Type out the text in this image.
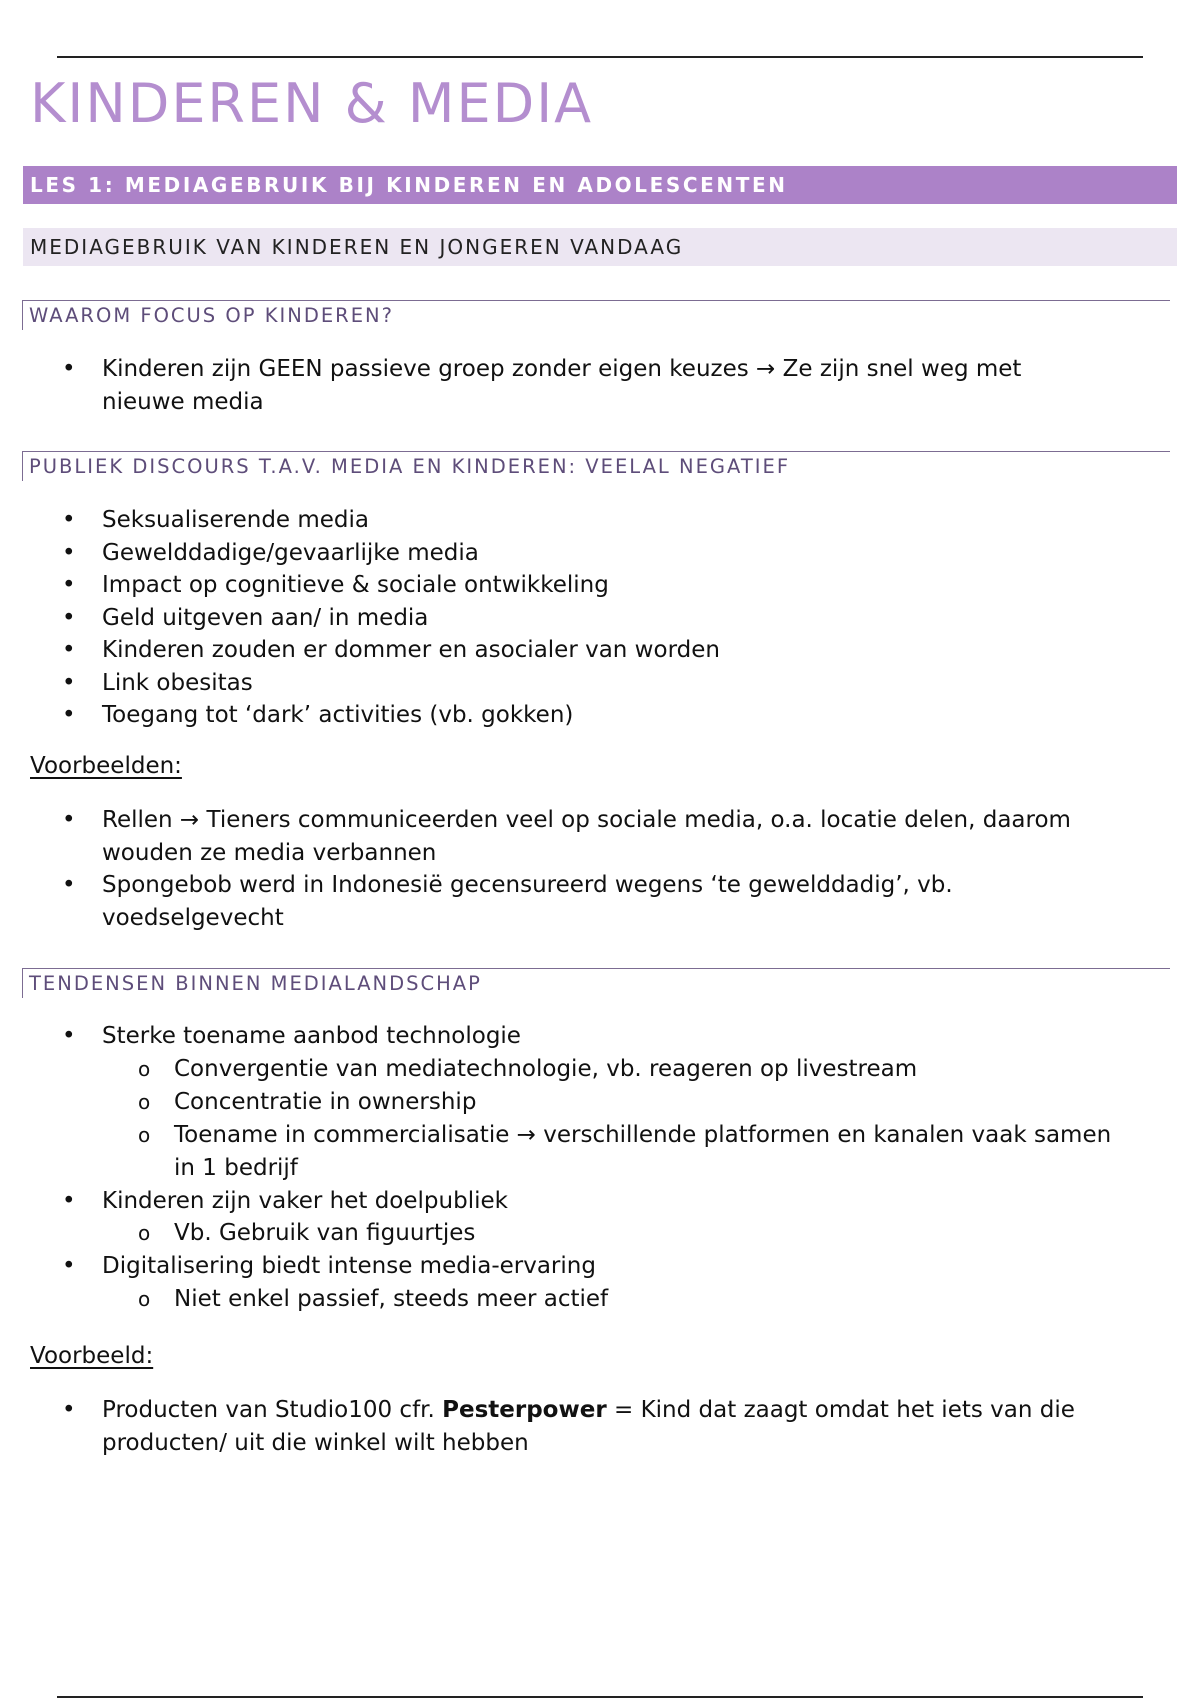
KINDEREN & MEDIA
LES 1: MEDIAGEBRUIK BIJ KINDEREN EN ADOLESCENTEN
MEDIAGEBRUIK VAN KINDEREN EN JONGEREN VANDAAG
WAAROM FOCUS OP KINDEREN?
• Kinderen zijn GEEN passieve groep zonder eigen keuzes → Ze zijn snel weg met
nieuwe media
PUBLIEK DISCOURS T.A.V. MEDIA EN KINDEREN: VEELAL NEGATIEF
• Seksualiserende media
• Gewelddadige/gevaarlijke media
• Impact op cognitieve & sociale ontwikkeling
• Geld uitgeven aan/ in media
• Kinderen zouden er dommer en asocialer van worden
• Link obesitas
• Toegang tot ‘dark’ activities (vb. gokken)
Voorbeelden:
• Rellen → Tieners communiceerden veel op sociale media, o.a. locatie delen, daarom
wouden ze media verbannen
• Spongebob werd in Indonesië gecensureerd wegens ‘te gewelddadig’, vb.
voedselgevecht
TENDENSEN BINNEN MEDIALANDSCHAP
• Sterke toename aanbod technologie
o Convergentie van mediatechnologie, vb. reageren op livestream
o Concentratie in ownership
o Toename in commercialisatie → verschillende platformen en kanalen vaak samen
in 1 bedrijf
• Kinderen zijn vaker het doelpubliek
o Vb. Gebruik van figuurtjes
• Digitalisering biedt intense media-ervaring
o Niet enkel passief, steeds meer actief
Voorbeeld:
• Producten van Studio100 cfr. Pesterpower = Kind dat zaagt omdat het iets van die
producten/ uit die winkel wilt hebben
